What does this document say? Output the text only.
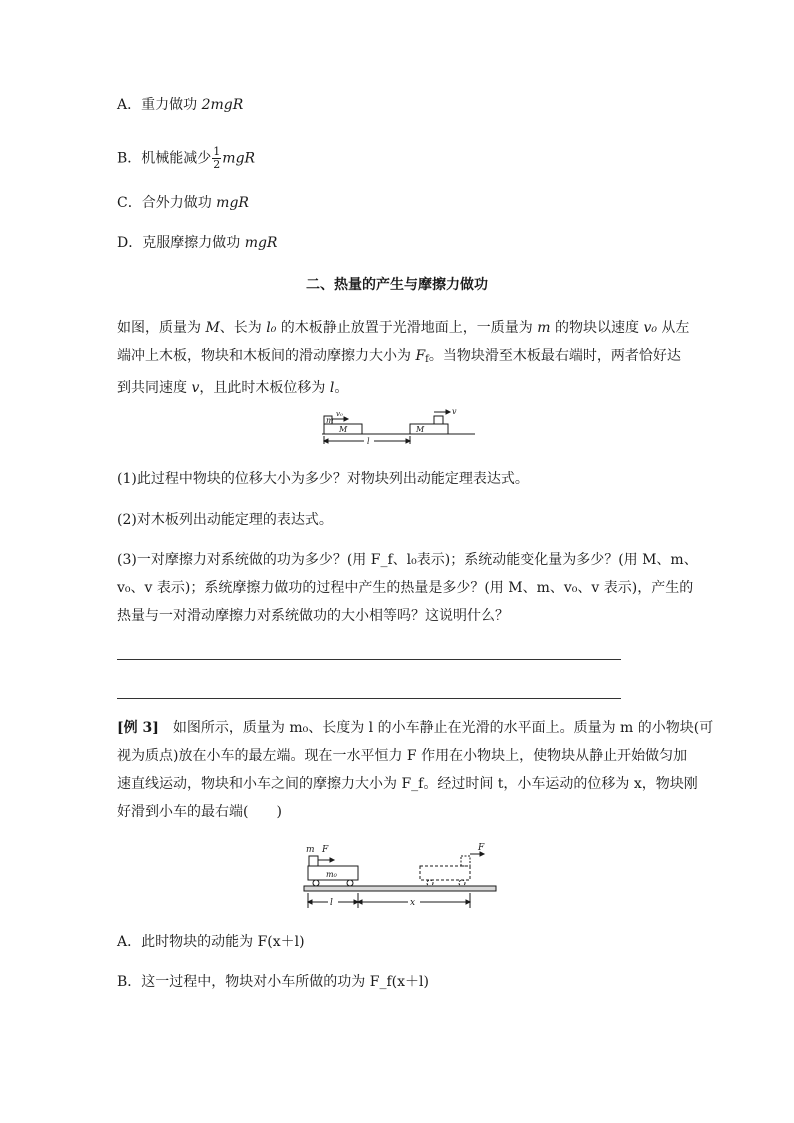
A．重力做功 2mgR
B．机械能减少 $\frac{1}{2}$ mgR
C．合外力做功 mgR
D．克服摩擦力做功 mgR
二、热量的产生与摩擦力做功
如图，质量为 M、长为 l₀ 的木板静止放置于光滑地面上，一质量为 m 的物块以速度 v₀ 从左
端冲上木板，物块和木板间的滑动摩擦力大小为 $F_f$。当物块滑至木板最右端时，两者恰好达
到共同速度 v，且此时木板位移为 l。
m
v₀
M	M
v
l
(1)此过程中物块的位移大小为多少？对物块列出动能定理表达式。
(2)对木板列出动能定理的表达式。
(3)一对摩擦力对系统做的功为多少？(用 F_f、l₀表示)；系统动能变化量为多少？(用 M、m、
v₀、v 表示)；系统摩擦力做功的过程中产生的热量是多少？(用 M、m、v₀、v 表示)，产生的
热量与一对滑动摩擦力对系统做功的大小相等吗？这说明什么？
[例 3]　如图所示，质量为 m₀、长度为 l 的小车静止在光滑的水平面上。质量为 m 的小物块(可
视为质点)放在小车的最左端。现在一水平恒力 F 作用在小物块上，使物块从静止开始做匀加
速直线运动，物块和小车之间的摩擦力大小为 F_f。经过时间 t，小车运动的位移为 x，物块刚
好滑到小车的最右端(　　)
m F
m₀
F
l	x
A．此时物块的动能为 F(x＋l)
B．这一过程中，物块对小车所做的功为 F_f(x＋l)
